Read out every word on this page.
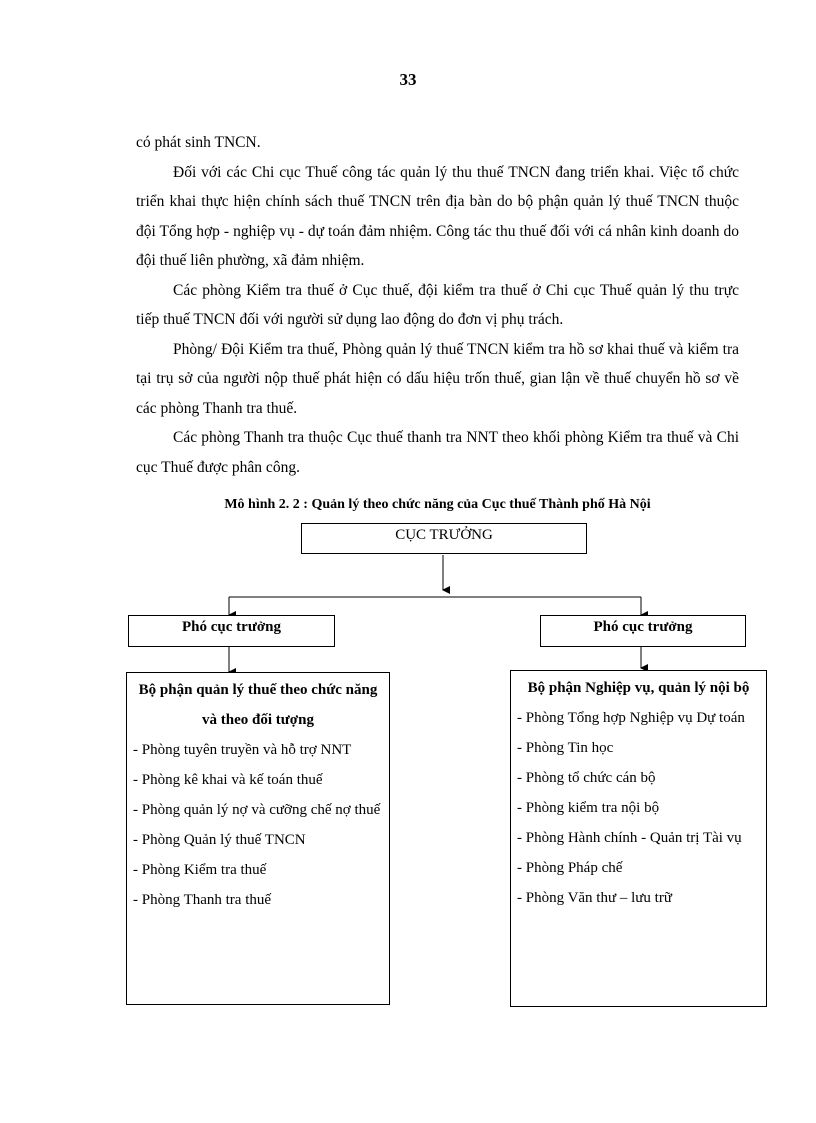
33

có phát sinh TNCN.

Đối với các Chi cục Thuế công tác quản lý thu thuế TNCN đang triển khai. Việc tổ chức triển khai thực hiện chính sách thuế TNCN trên địa bàn do bộ phận quản lý thuế TNCN thuộc đội Tổng hợp - nghiệp vụ - dự toán đảm nhiệm. Công tác thu thuế đối với cá nhân kinh doanh do đội thuế liên phường, xã đảm nhiệm.

Các phòng Kiểm tra thuế ở Cục thuế, đội kiểm tra thuế ở Chi cục Thuế quản lý thu trực tiếp thuế TNCN đối với người sử dụng lao động do đơn vị phụ trách.

Phòng/ Đội Kiểm tra thuế, Phòng quản lý thuế TNCN kiểm tra hồ sơ khai thuế và kiểm tra tại trụ sở của người nộp thuế phát hiện có dấu hiệu trốn thuế, gian lận về thuế chuyển hồ sơ về các phòng Thanh tra thuế.

Các phòng Thanh tra thuộc Cục thuế thanh tra NNT theo khối phòng Kiểm tra thuế và Chi cục Thuế được phân công.

Mô hình 2. 2 : Quản lý theo chức năng của Cục thuế Thành phố Hà Nội
CỤC TRƯỞNG
Phó cục trưởng	Phó cục trưởng
Bộ phận quản lý thuế theo chức năng và theo đối tượng
- Phòng tuyên truyền và hỗ trợ NNT
- Phòng kê khai và kế toán thuế
- Phòng quản lý nợ và cưỡng chế nợ thuế
- Phòng Quản lý thuế TNCN
- Phòng Kiểm tra thuế
- Phòng Thanh tra thuế
Bộ phận Nghiệp vụ, quản lý nội bộ
- Phòng Tổng hợp Nghiệp vụ Dự toán
- Phòng Tin học
- Phòng tổ chức cán bộ
- Phòng kiểm tra nội bộ
- Phòng Hành chính - Quản trị Tài vụ
- Phòng Pháp chế
- Phòng Văn thư – lưu trữ
